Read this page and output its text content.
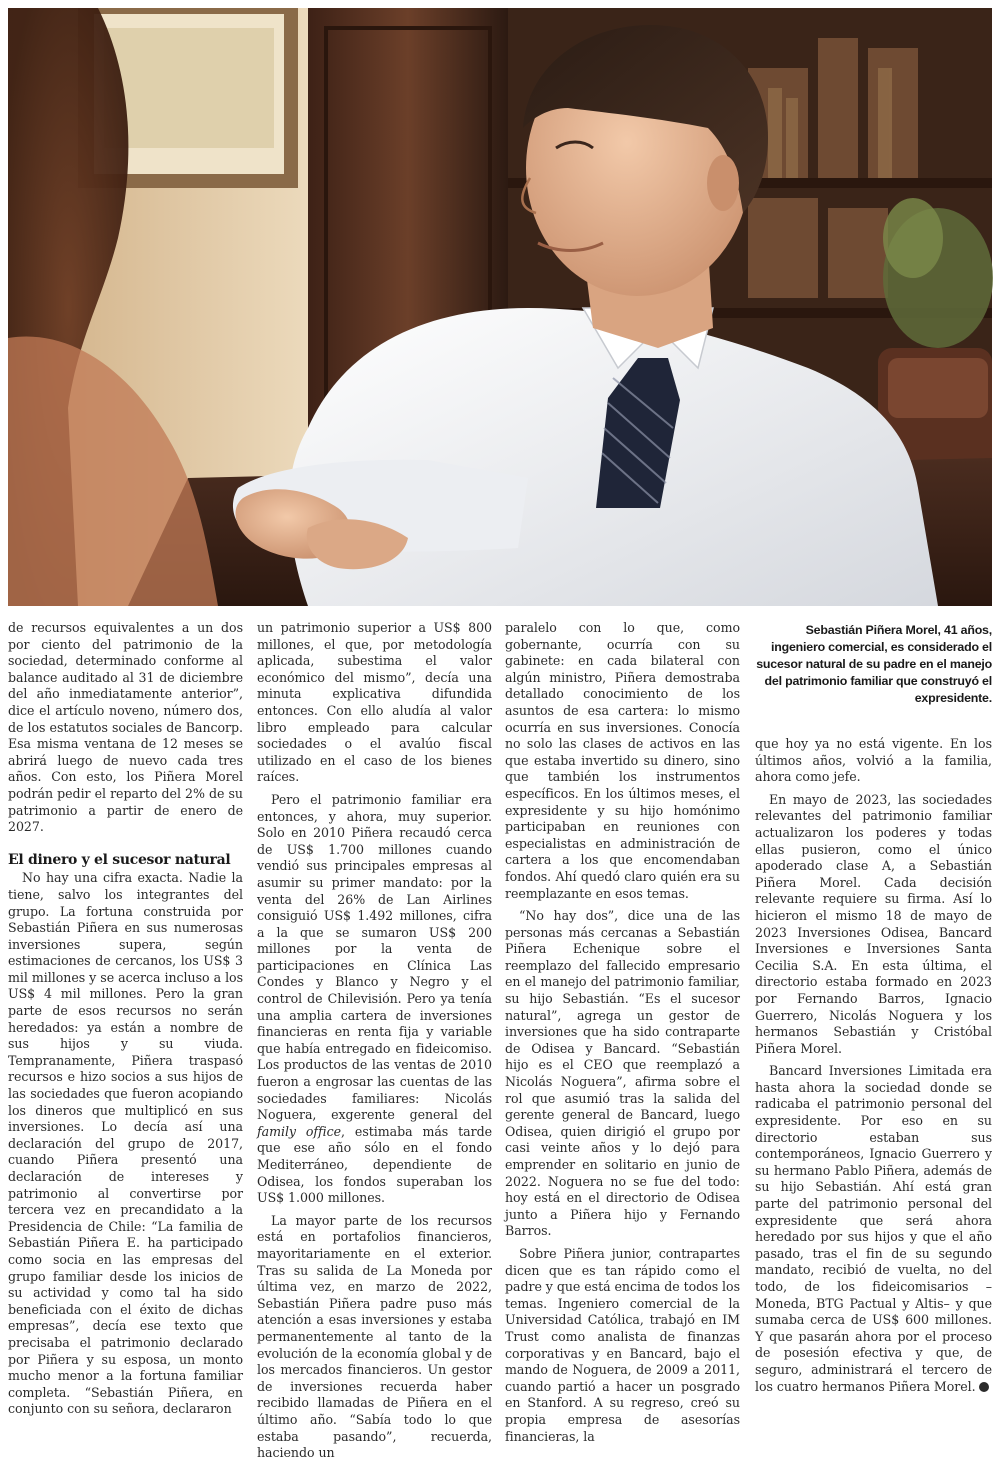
Sebastián Piñera Morel, 41 años, ingeniero comercial, es considerado el sucesor natural de su padre en el manejo del patrimonio familiar que construyó el expresidente.

de recursos equivalentes a un dos por ciento del patrimonio de la sociedad, determinado conforme al balance auditado al 31 de diciembre del año inmediatamente anterior”, dice el artículo noveno, número dos, de los estatutos sociales de Bancorp. Esa misma ventana de 12 meses se abrirá luego de nuevo cada tres años. Con esto, los Piñera Morel podrán pedir el reparto del 2% de su patrimonio a partir de enero de 2027.

El dinero y el sucesor natural

No hay una cifra exacta. Nadie la tiene, salvo los integrantes del grupo. La fortuna construida por Sebastián Piñera en sus numerosas inversiones supera, según estimaciones de cercanos, los US$ 3 mil millones y se acerca incluso a los US$ 4 mil millones. Pero la gran parte de esos recursos no serán heredados: ya están a nombre de sus hijos y su viuda. Tempranamente, Piñera traspasó recursos e hizo socios a sus hijos de las sociedades que fueron acopiando los dineros que multiplicó en sus inversiones. Lo decía así una declaración del grupo de 2017, cuando Piñera presentó una declaración de intereses y patrimonio al convertirse por tercera vez en precandidato a la Presidencia de Chile: “La familia de Sebastián Piñera E. ha participado como socia en las empresas del grupo familiar desde los inicios de su actividad y como tal ha sido beneficiada con el éxito de dichas empresas”, decía ese texto que precisaba el patrimonio declarado por Piñera y su esposa, un monto mucho menor a la fortuna familiar completa. “Sebastián Piñera, en conjunto con su señora, declararon

un patrimonio superior a US$ 800 millones, el que, por metodología aplicada, subestima el valor económico del mismo”, decía una minuta explicativa difundida entonces. Con ello aludía al valor libro empleado para calcular sociedades o el avalúo fiscal utilizado en el caso de los bienes raíces.

Pero el patrimonio familiar era entonces, y ahora, muy superior. Solo en 2010 Piñera recaudó cerca de US$ 1.700 millones cuando vendió sus principales empresas al asumir su primer mandato: por la venta del 26% de Lan Airlines consiguió US$ 1.492 millones, cifra a la que se sumaron US$ 200 millones por la venta de participaciones en Clínica Las Condes y Blanco y Negro y el control de Chilevisión. Pero ya tenía una amplia cartera de inversiones financieras en renta fija y variable que había entregado en fideicomiso. Los productos de las ventas de 2010 fueron a engrosar las cuentas de las sociedades familiares: Nicolás Noguera, exgerente general del family office, estimaba más tarde que ese año sólo en el fondo Mediterráneo, dependiente de Odisea, los fondos superaban los US$ 1.000 millones.

La mayor parte de los recursos está en portafolios financieros, mayoritariamente en el exterior. Tras su salida de La Moneda por última vez, en marzo de 2022, Sebastián Piñera padre puso más atención a esas inversiones y estaba permanentemente al tanto de la evolución de la economía global y de los mercados financieros. Un gestor de inversiones recuerda haber recibido llamadas de Piñera en el último año. “Sabía todo lo que estaba pasando”, recuerda, haciendo un

paralelo con lo que, como gobernante, ocurría con su gabinete: en cada bilateral con algún ministro, Piñera demostraba detallado conocimiento de los asuntos de esa cartera: lo mismo ocurría en sus inversiones. Conocía no solo las clases de activos en las que estaba invertido su dinero, sino que también los instrumentos específicos. En los últimos meses, el expresidente y su hijo homónimo participaban en reuniones con especialistas en administración de cartera a los que encomendaban fondos. Ahí quedó claro quién era su reemplazante en esos temas.

“No hay dos”, dice una de las personas más cercanas a Sebastián Piñera Echenique sobre el reemplazo del fallecido empresario en el manejo del patrimonio familiar, su hijo Sebastián. “Es el sucesor natural”, agrega un gestor de inversiones que ha sido contraparte de Odisea y Bancard. “Sebastián hijo es el CEO que reemplazó a Nicolás Noguera”, afirma sobre el rol que asumió tras la salida del gerente general de Bancard, luego Odisea, quien dirigió el grupo por casi veinte años y lo dejó para emprender en solitario en junio de 2022. Noguera no se fue del todo: hoy está en el directorio de Odisea junto a Piñera hijo y Fernando Barros.

Sobre Piñera junior, contrapartes dicen que es tan rápido como el padre y que está encima de todos los temas. Ingeniero comercial de la Universidad Católica, trabajó en IM Trust como analista de finanzas corporativas y en Bancard, bajo el mando de Noguera, de 2009 a 2011, cuando partió a hacer un posgrado en Stanford. A su regreso, creó su propia empresa de asesorías financieras, la

que hoy ya no está vigente. En los últimos años, volvió a la familia, ahora como jefe.

En mayo de 2023, las sociedades relevantes del patrimonio familiar actualizaron los poderes y todas ellas pusieron, como el único apoderado clase A, a Sebastián Piñera Morel. Cada decisión relevante requiere su firma. Así lo hicieron el mismo 18 de mayo de 2023 Inversiones Odisea, Bancard Inversiones e Inversiones Santa Cecilia S.A. En esta última, el directorio estaba formado en 2023 por Fernando Barros, Ignacio Guerrero, Nicolás Noguera y los hermanos Sebastián y Cristóbal Piñera Morel.

Bancard Inversiones Limitada era hasta ahora la sociedad donde se radicaba el patrimonio personal del expresidente. Por eso en su directorio estaban sus contemporáneos, Ignacio Guerrero y su hermano Pablo Piñera, además de su hijo Sebastián. Ahí está gran parte del patrimonio personal del expresidente que será ahora heredado por sus hijos y que el año pasado, tras el fin de su segundo mandato, recibió de vuelta, no del todo, de los fideicomisarios –Moneda, BTG Pactual y Altis– y que sumaba cerca de US$ 600 millones. Y que pasarán ahora por el proceso de posesión efectiva y que, de seguro, administrará el tercero de los cuatro hermanos Piñera Morel.
